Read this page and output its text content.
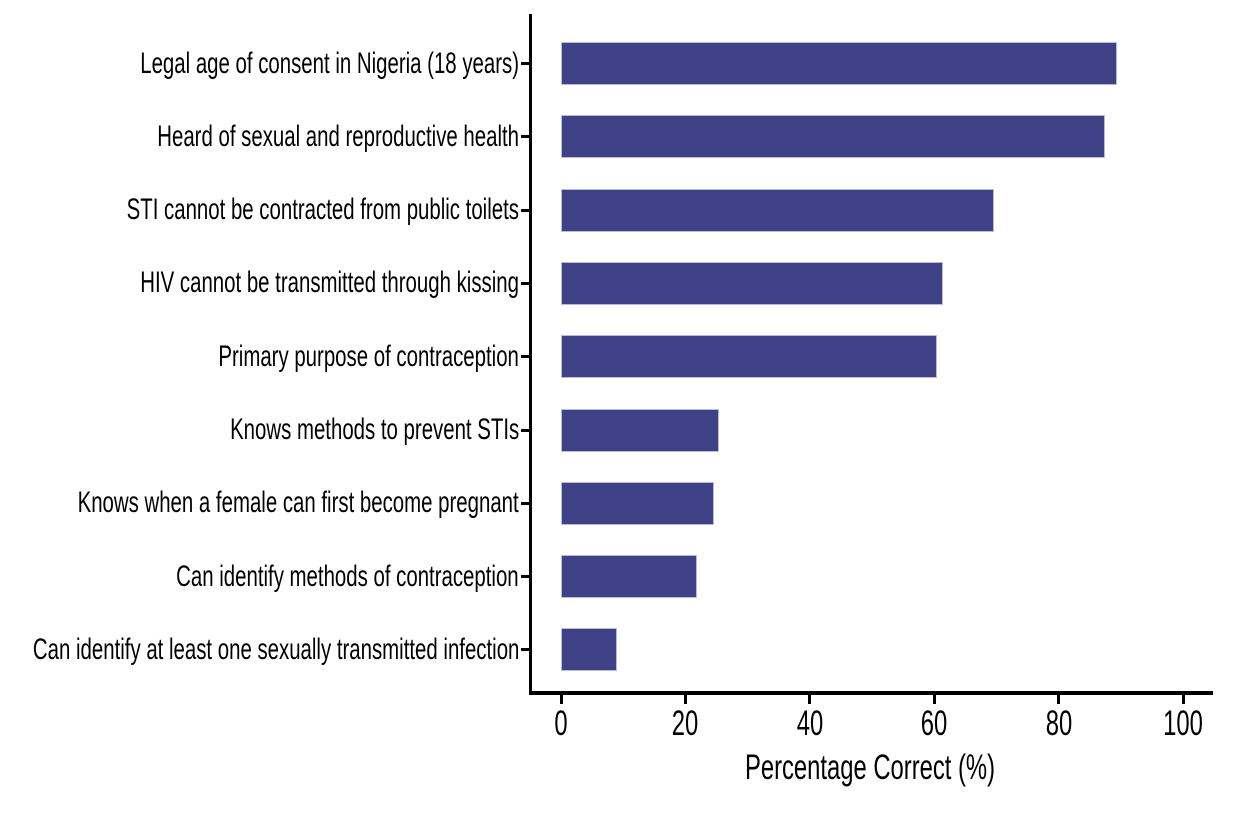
Percentage Correct (%)
Legal age of consent in Nigeria (18 years)
Heard of sexual and reproductive health
STI cannot be contracted from public toilets
HIV cannot be transmitted through kissing
Primary purpose of contraception
Knows methods to prevent STIs
Knows when a female can first become pregnant
Can identify methods of contraception
Can identify at least one sexually transmitted infection
0	20	40	60	80	100
